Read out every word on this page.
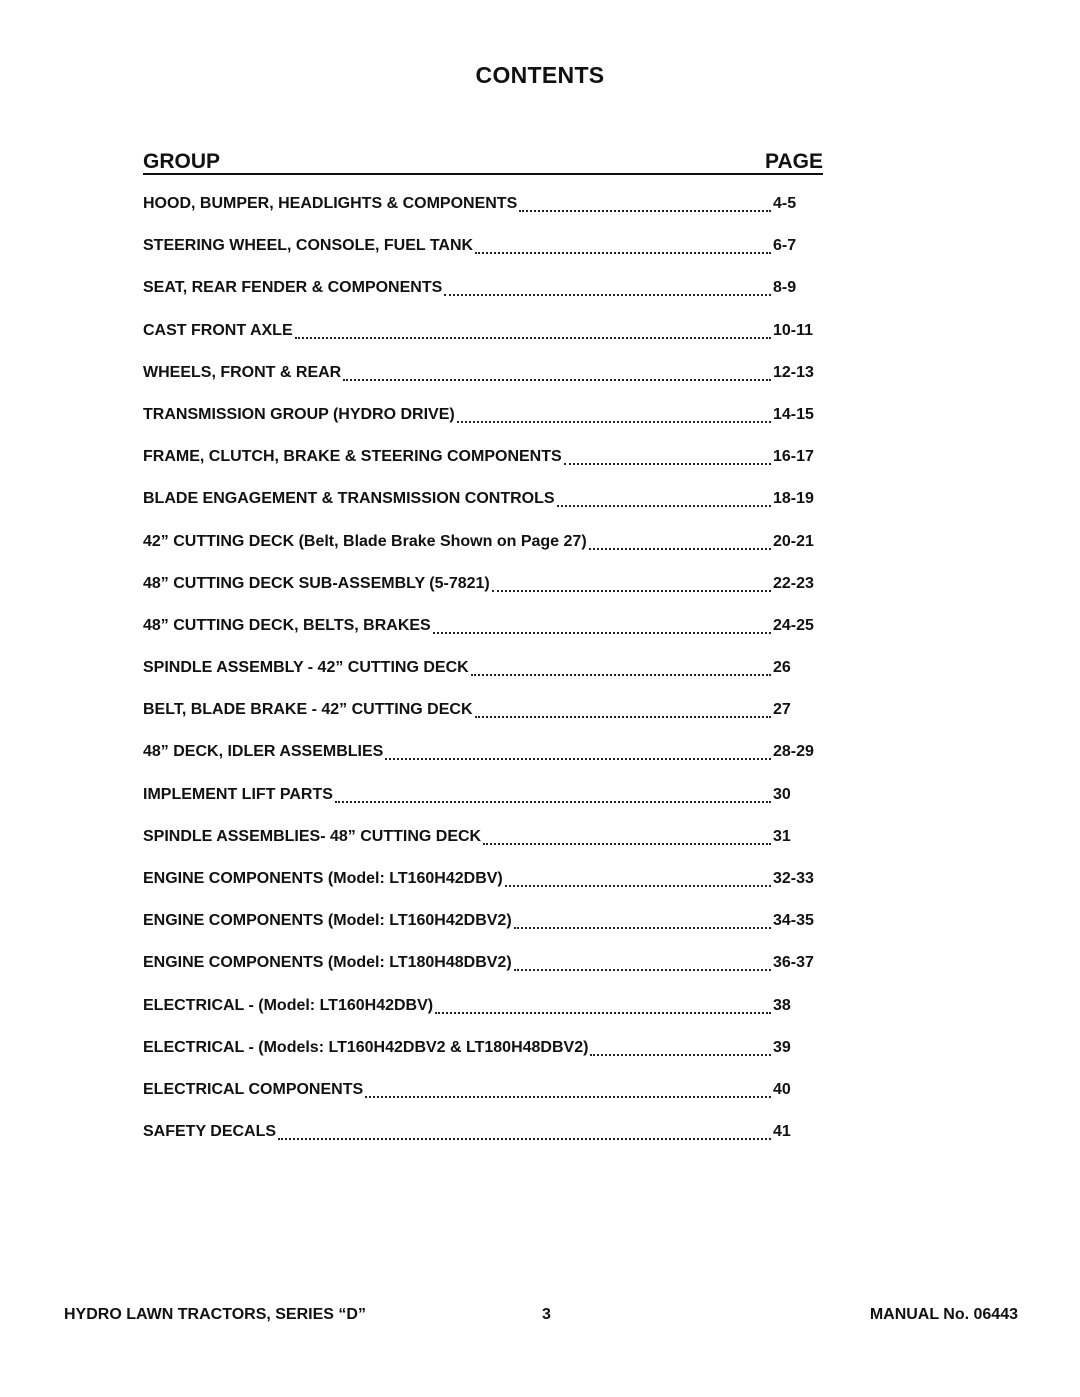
CONTENTS
GROUP	PAGE
HOOD, BUMPER, HEADLIGHTS & COMPONENTS	4-5
STEERING WHEEL, CONSOLE, FUEL TANK	6-7
SEAT, REAR FENDER & COMPONENTS	8-9
CAST FRONT AXLE	10-11
WHEELS, FRONT & REAR	12-13
TRANSMISSION GROUP (HYDRO DRIVE)	14-15
FRAME, CLUTCH, BRAKE & STEERING COMPONENTS	16-17
BLADE ENGAGEMENT & TRANSMISSION CONTROLS	18-19
42” CUTTING DECK (Belt, Blade Brake Shown on Page 27)	20-21
48” CUTTING DECK SUB-ASSEMBLY (5-7821)	22-23
48” CUTTING DECK, BELTS, BRAKES	24-25
SPINDLE ASSEMBLY - 42” CUTTING DECK	26
BELT, BLADE BRAKE - 42” CUTTING DECK	27
48” DECK, IDLER ASSEMBLIES	28-29
IMPLEMENT LIFT PARTS	30
SPINDLE ASSEMBLIES- 48” CUTTING DECK	31
ENGINE COMPONENTS (Model: LT160H42DBV)	32-33
ENGINE COMPONENTS (Model: LT160H42DBV2)	34-35
ENGINE COMPONENTS (Model: LT180H48DBV2)	36-37
ELECTRICAL - (Model: LT160H42DBV)	38
ELECTRICAL - (Models: LT160H42DBV2 & LT180H48DBV2)	39
ELECTRICAL COMPONENTS	40
SAFETY DECALS	41
HYDRO LAWN TRACTORS, SERIES “D”	3	MANUAL No. 06443
